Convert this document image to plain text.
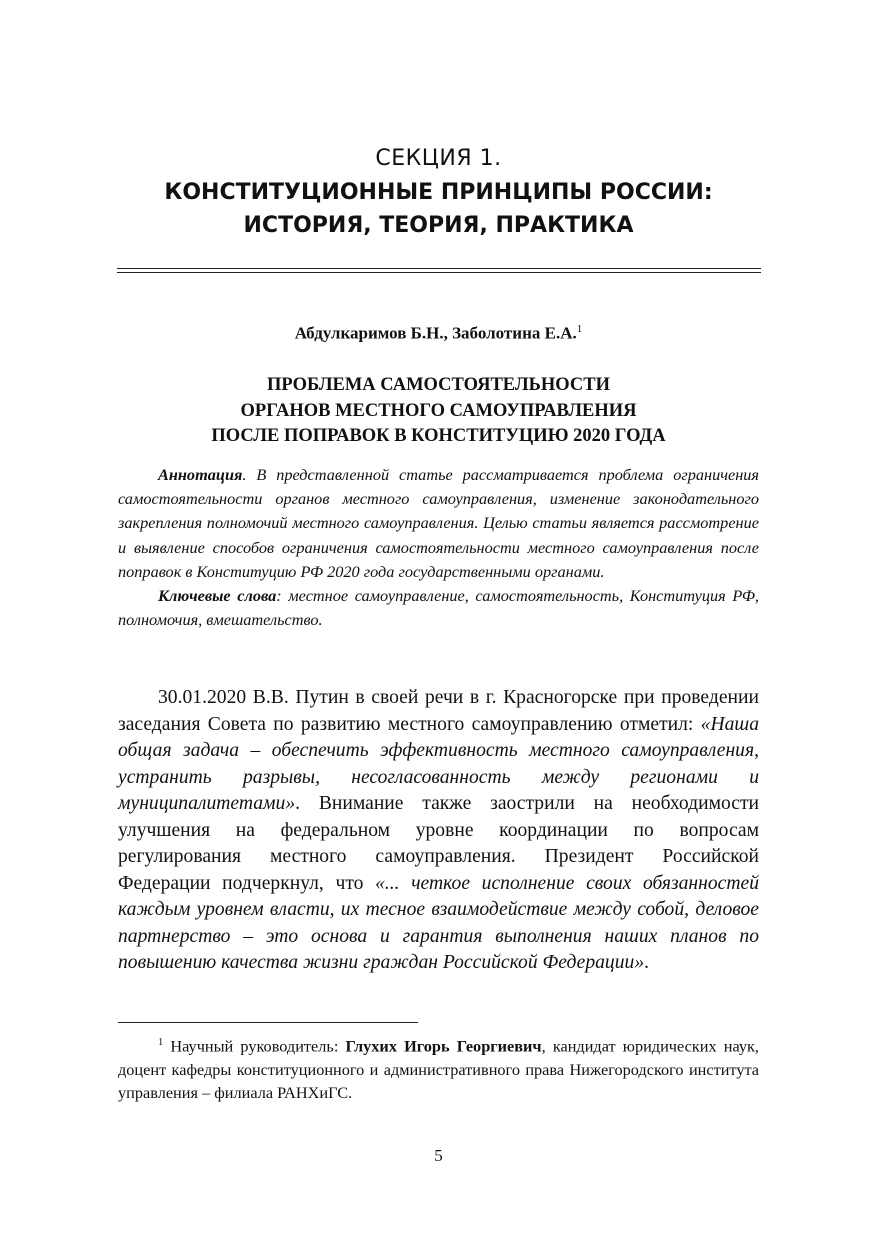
СЕКЦИЯ 1.
КОНСТИТУЦИОННЫЕ ПРИНЦИПЫ РОССИИ:
ИСТОРИЯ, ТЕОРИЯ, ПРАКТИКА
Абдулкаримов Б.Н., Заболотина Е.А.$^1$
ПРОБЛЕМА САМОСТОЯТЕЛЬНОСТИ
ОРГАНОВ МЕСТНОГО САМОУПРАВЛЕНИЯ
ПОСЛЕ ПОПРАВОК В КОНСТИТУЦИЮ 2020 ГОДА

Аннотация. В представленной статье рассматривается проблема ограничения самостоятельности органов местного самоуправления, изменение законодательного закрепления полномочий местного самоуправления. Целью статьи является рассмотрение и выявление способов ограничения самостоятельности местного самоуправления после поправок в Конституцию РФ 2020 года государственными органами.

Ключевые слова: местное самоуправление, самостоятельность, Конституция РФ, полномочия, вмешательство.

30.01.2020 В.В. Путин в своей речи в г. Красногорске при проведении заседания Совета по развитию местного самоуправлению отметил: «Наша общая задача – обеспечить эффективность местного самоуправления, устранить разрывы, несогласованность между регионами и муниципалитетами». Внимание также заострили на необходимости улучшения на федеральном уровне координации по вопросам регулирования местного самоуправления. Президент Российской Федерации подчеркнул, что «... четкое исполнение своих обязанностей каждым уровнем власти, их тесное взаимодействие между собой, деловое партнерство – это основа и гарантия выполнения наших планов по повышению качества жизни граждан Российской Федерации».

$^1$ Научный руководитель: Глухих Игорь Георгиевич, кандидат юридических наук, доцент кафедры конституционного и административного права Нижегородского института управления – филиала РАНХиГС.

5
